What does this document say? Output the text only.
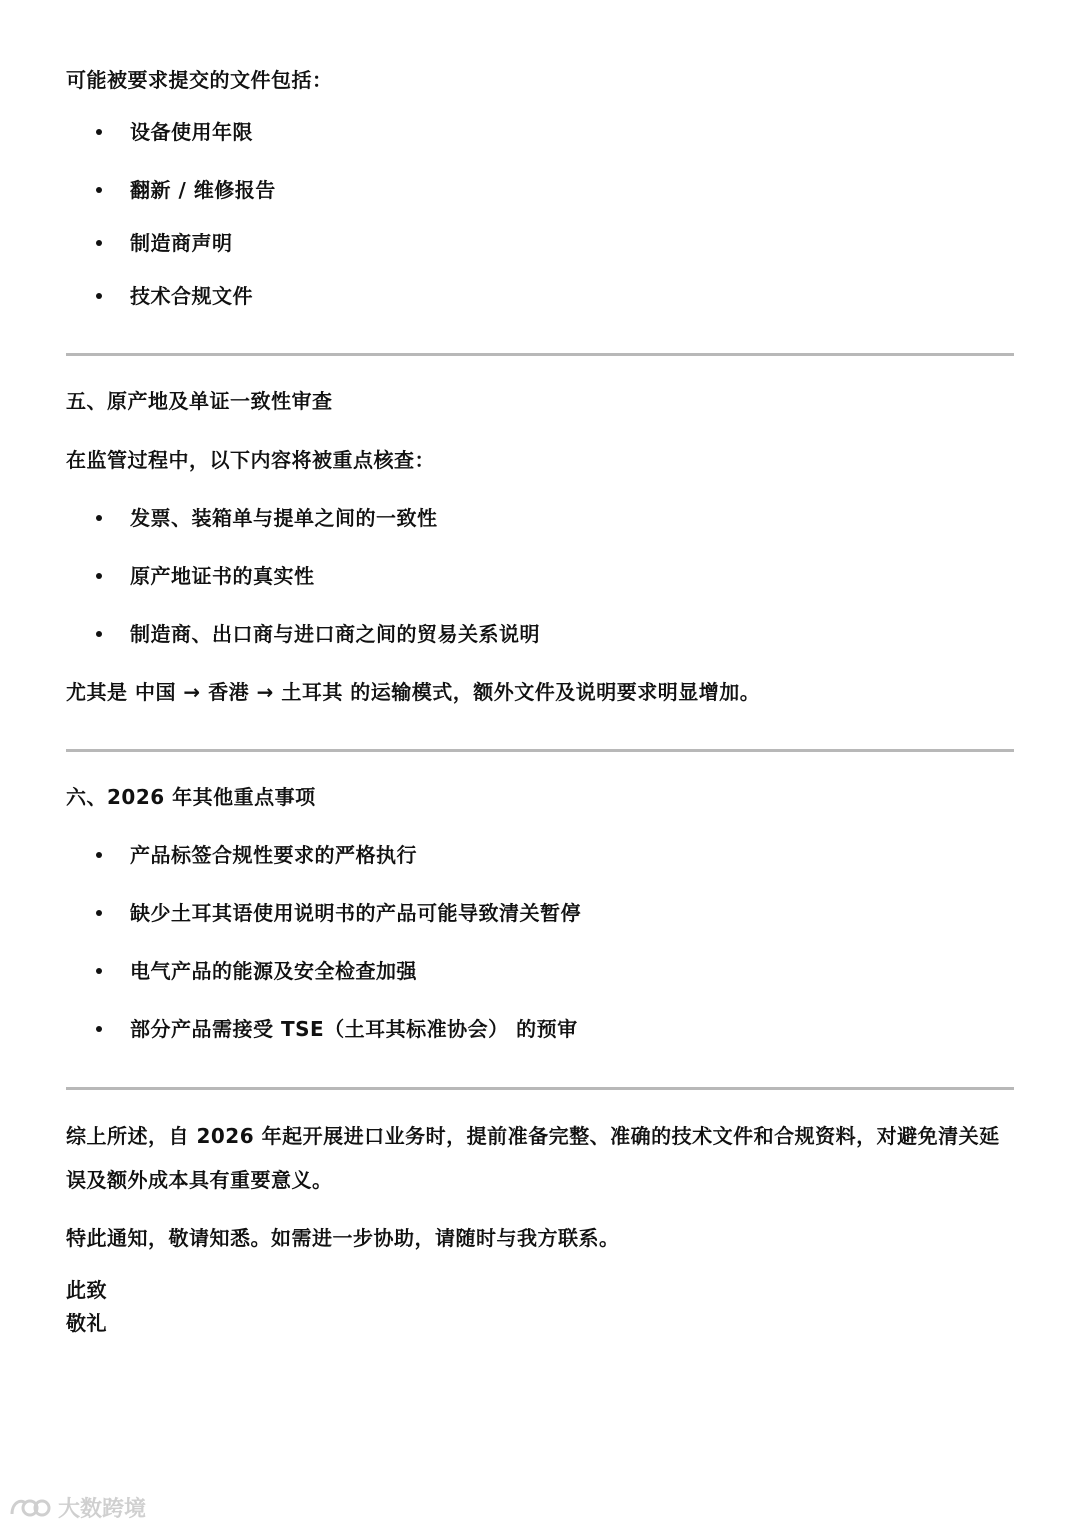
可能被要求提交的文件包括：
设备使用年限
翻新 / 维修报告
制造商声明
技术合规文件
五、原产地及单证一致性审查
在监管过程中，以下内容将被重点核查：
发票、装箱单与提单之间的一致性
原产地证书的真实性
制造商、出口商与进口商之间的贸易关系说明
尤其是 中国 → 香港 → 土耳其 的运输模式，额外文件及说明要求明显增加。
六、2026 年其他重点事项
产品标签合规性要求的严格执行
缺少土耳其语使用说明书的产品可能导致清关暂停
电气产品的能源及安全检查加强
部分产品需接受 TSE（土耳其标准协会） 的预审
综上所述，自 2026 年起开展进口业务时，提前准备完整、准确的技术文件和合规资料，对避免清关延误及额外成本具有重要意义。
特此通知，敬请知悉。如需进一步协助，请随时与我方联系。
此致
敬礼
大数跨境
